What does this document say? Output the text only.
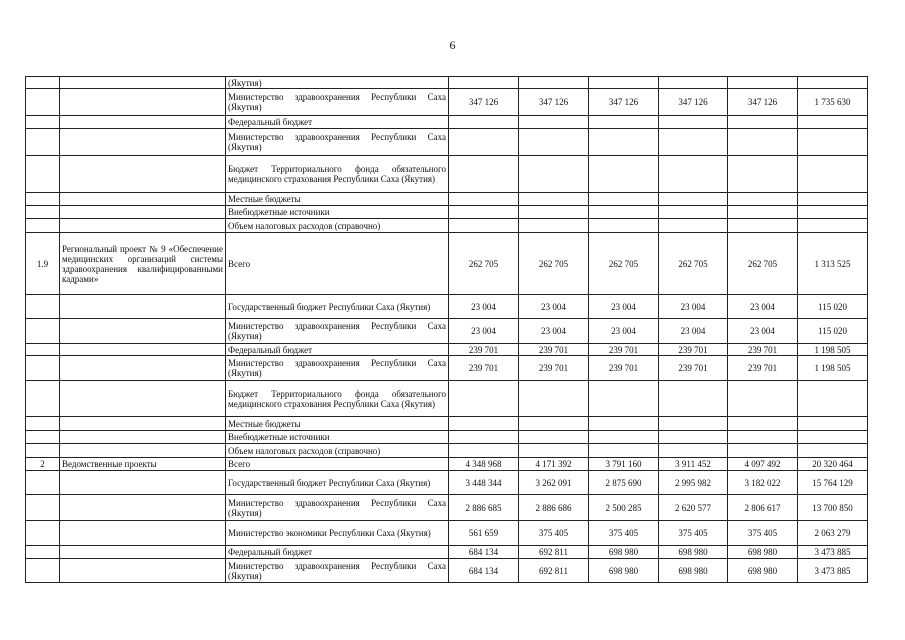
6
		(Якутия)						
		Министерство здравоохранения Республики Саха (Якутия)	347 126	347 126	347 126	347 126	347 126	1 735 630
		Федеральный бюджет						
		Министерство здравоохранения Республики Саха (Якутия)						
		Бюджет Территориального фонда обязательного медицинского страхования Республики Саха (Якутия)						
		Местные бюджеты						
		Внебюджетные источники						
		Объем налоговых расходов (справочно)						
1.9	Региональный проект № 9 «Обеспечение медицинских организаций системы здравоохранения квалифицированными кадрами»	Всего	262 705	262 705	262 705	262 705	262 705	1 313 525
		Государственный бюджет Республики Саха (Якутия)	23 004	23 004	23 004	23 004	23 004	115 020
		Министерство здравоохранения Республики Саха (Якутия)	23 004	23 004	23 004	23 004	23 004	115 020
		Федеральный бюджет	239 701	239 701	239 701	239 701	239 701	1 198 505
		Министерство здравоохранения Республики Саха (Якутия)	239 701	239 701	239 701	239 701	239 701	1 198 505
		Бюджет Территориального фонда обязательного медицинского страхования Республики Саха (Якутия)						
		Местные бюджеты						
		Внебюджетные источники						
		Объем налоговых расходов (справочно)						
2	Ведомственные проекты	Всего	4 348 968	4 171 392	3 791 160	3 911 452	4 097 492	20 320 464
		Государственный бюджет Республики Саха (Якутия)	3 448 344	3 262 091	2 875 690	2 995 982	3 182 022	15 764 129
		Министерство здравоохранения Республики Саха (Якутия)	2 886 685	2 886 686	2 500 285	2 620 577	2 806 617	13 700 850
		Министерство экономики Республики Саха (Якутия)	561 659	375 405	375 405	375 405	375 405	2 063 279
		Федеральный бюджет	684 134	692 811	698 980	698 980	698 980	3 473 885
		Министерство здравоохранения Республики Саха (Якутия)	684 134	692 811	698 980	698 980	698 980	3 473 885
